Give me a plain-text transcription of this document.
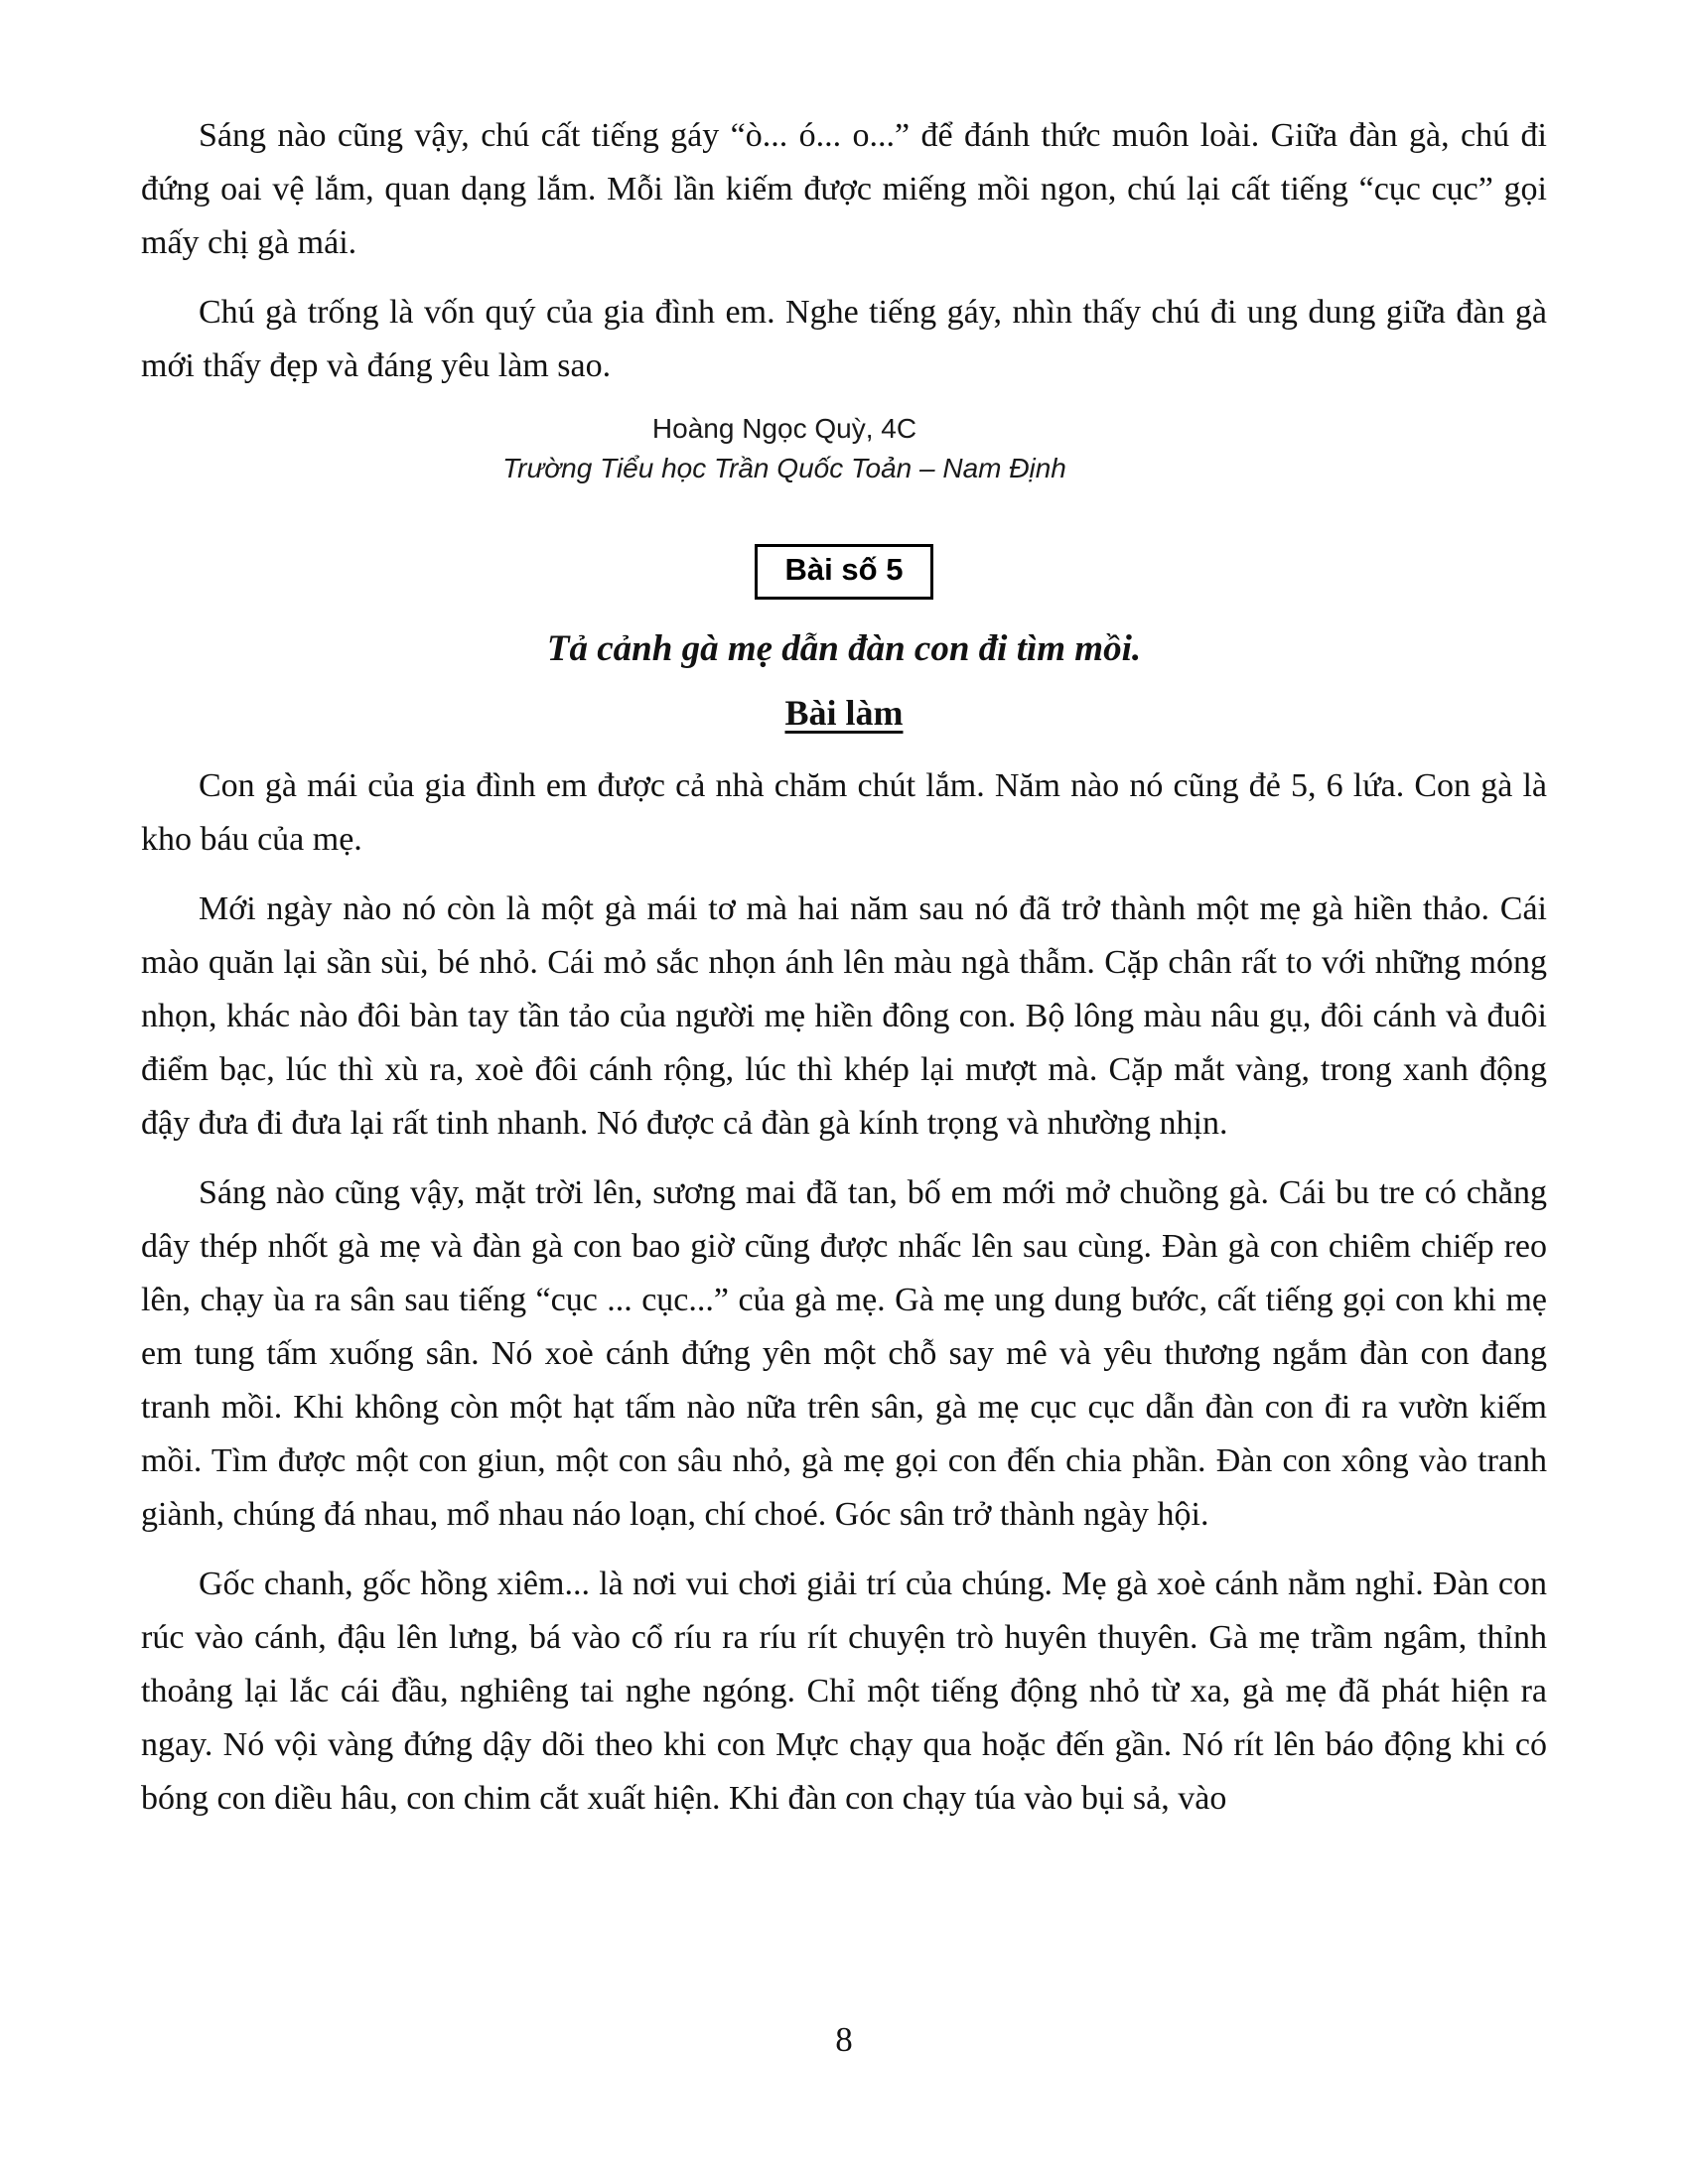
Sáng nào cũng vậy, chú cất tiếng gáy “ò... ó... o...” để đánh thức muôn loài. Giữa đàn gà, chú đi đứng oai vệ lắm, quan dạng lắm. Mỗi lần kiếm được miếng mồi ngon, chú lại cất tiếng “cục cục” gọi mấy chị gà mái.

Chú gà trống là vốn quý của gia đình em. Nghe tiếng gáy, nhìn thấy chú đi ung dung giữa đàn gà mới thấy đẹp và đáng yêu làm sao.

Hoàng Ngọc Quỳ, 4C
Trường Tiểu học Trần Quốc Toản – Nam Định
Bài số 5
Tả cảnh gà mẹ dẫn đàn con đi tìm mồi.
Bài làm

Con gà mái của gia đình em được cả nhà chăm chút lắm. Năm nào nó cũng đẻ 5, 6 lứa. Con gà là kho báu của mẹ.

Mới ngày nào nó còn là một gà mái tơ mà hai năm sau nó đã trở thành một mẹ gà hiền thảo. Cái mào quăn lại sần sùi, bé nhỏ. Cái mỏ sắc nhọn ánh lên màu ngà thẫm. Cặp chân rất to với những móng nhọn, khác nào đôi bàn tay tần tảo của người mẹ hiền đông con. Bộ lông màu nâu gụ, đôi cánh và đuôi điểm bạc, lúc thì xù ra, xoè đôi cánh rộng, lúc thì khép lại mượt mà. Cặp mắt vàng, trong xanh động đậy đưa đi đưa lại rất tinh nhanh. Nó được cả đàn gà kính trọng và nhường nhịn.

Sáng nào cũng vậy, mặt trời lên, sương mai đã tan, bố em mới mở chuồng gà. Cái bu tre có chằng dây thép nhốt gà mẹ và đàn gà con bao giờ cũng được nhấc lên sau cùng. Đàn gà con chiêm chiếp reo lên, chạy ùa ra sân sau tiếng “cục ... cục...” của gà mẹ. Gà mẹ ung dung bước, cất tiếng gọi con khi mẹ em tung tấm xuống sân. Nó xoè cánh đứng yên một chỗ say mê và yêu thương ngắm đàn con đang tranh mồi. Khi không còn một hạt tấm nào nữa trên sân, gà mẹ cục cục dẫn đàn con đi ra vườn kiếm mồi. Tìm được một con giun, một con sâu nhỏ, gà mẹ gọi con đến chia phần. Đàn con xông vào tranh giành, chúng đá nhau, mổ nhau náo loạn, chí choé. Góc sân trở thành ngày hội.

Gốc chanh, gốc hồng xiêm... là nơi vui chơi giải trí của chúng. Mẹ gà xoè cánh nằm nghỉ. Đàn con rúc vào cánh, đậu lên lưng, bá vào cổ ríu ra ríu rít chuyện trò huyên thuyên. Gà mẹ trầm ngâm, thỉnh thoảng lại lắc cái đầu, nghiêng tai nghe ngóng. Chỉ một tiếng động nhỏ từ xa, gà mẹ đã phát hiện ra ngay. Nó vội vàng đứng dậy dõi theo khi con Mực chạy qua hoặc đến gần. Nó rít lên báo động khi có bóng con diều hâu, con chim cắt xuất hiện. Khi đàn con chạy túa vào bụi sả, vào

8
